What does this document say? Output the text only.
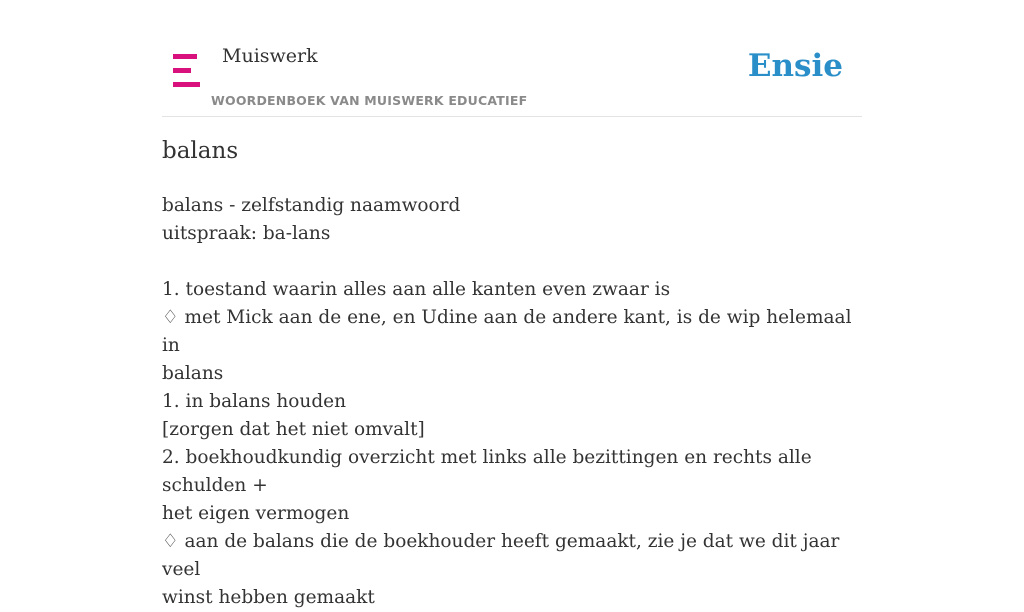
Muiswerk
WOORDENBOEK VAN MUISWERK EDUCATIEF
Ensie
balans
balans - zelfstandig naamwoord
uitspraak: ba-lans
1. toestand waarin alles aan alle kanten even zwaar is
♢ met Mick aan de ene, en Udine aan de andere kant, is de wip helemaal in
balans
1. in balans houden
[zorgen dat het niet omvalt]
2. boekhoudkundig overzicht met links alle bezittingen en rechts alle schulden +
het eigen vermogen
♢ aan de balans die de boekhouder heeft gemaakt, zie je dat we dit jaar veel
winst hebben gemaakt
